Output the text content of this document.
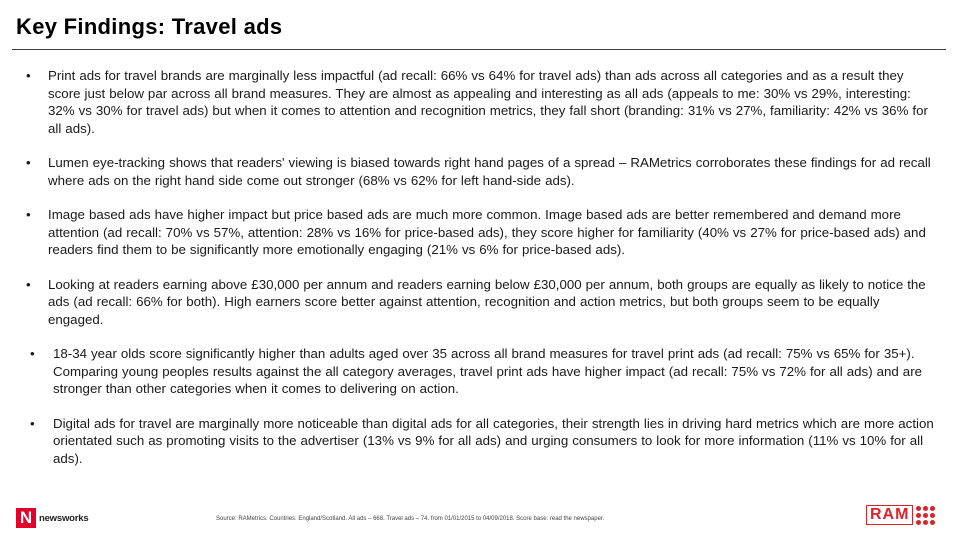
Key Findings: Travel ads
• Print ads for travel brands are marginally less impactful (ad recall: 66% vs 64% for travel ads) than ads across all categories and as a result they score just below par across all brand measures. They are almost as appealing and interesting as all ads (appeals to me: 30% vs 29%, interesting: 32% vs 30% for travel ads) but when it comes to attention and recognition metrics, they fall short (branding: 31% vs 27%, familiarity: 42% vs 36% for all ads).
• Lumen eye-tracking shows that readers' viewing is biased towards right hand pages of a spread – RAMetrics corroborates these findings for ad recall where ads on the right hand side come out stronger (68% vs 62% for left hand-side ads).
• Image based ads have higher impact but price based ads are much more common. Image based ads are better remembered and demand more attention (ad recall: 70% vs 57%, attention: 28% vs 16% for price-based ads), they score higher for familiarity (40% vs 27% for price-based ads) and readers find them to be significantly more emotionally engaging (21% vs 6% for price-based ads).
• Looking at readers earning above £30,000 per annum and readers earning below £30,000 per annum, both groups are equally as likely to notice the ads (ad recall: 66% for both). High earners score better against attention, recognition and action metrics, but both groups seem to be equally engaged.
• 18-34 year olds score significantly higher than adults aged over 35 across all brand measures for travel print ads (ad recall: 75% vs 65% for 35+). Comparing young peoples results against the all category averages, travel print ads have higher impact (ad recall: 75% vs 72% for all ads) and are stronger than other categories when it comes to delivering on action.
• Digital ads for travel are marginally more noticeable than digital ads for all categories, their strength lies in driving hard metrics which are more action orientated such as promoting visits to the advertiser (13% vs 9% for all ads) and urging consumers to look for more information (11% vs 10% for all ads).
N newsworks	Source: RAMetrics. Countries: England/Scotland. All ads – 668. Travel ads – 74. from 01/01/2015 to 04/09/2018. Score base: read the newspaper.	RAM
